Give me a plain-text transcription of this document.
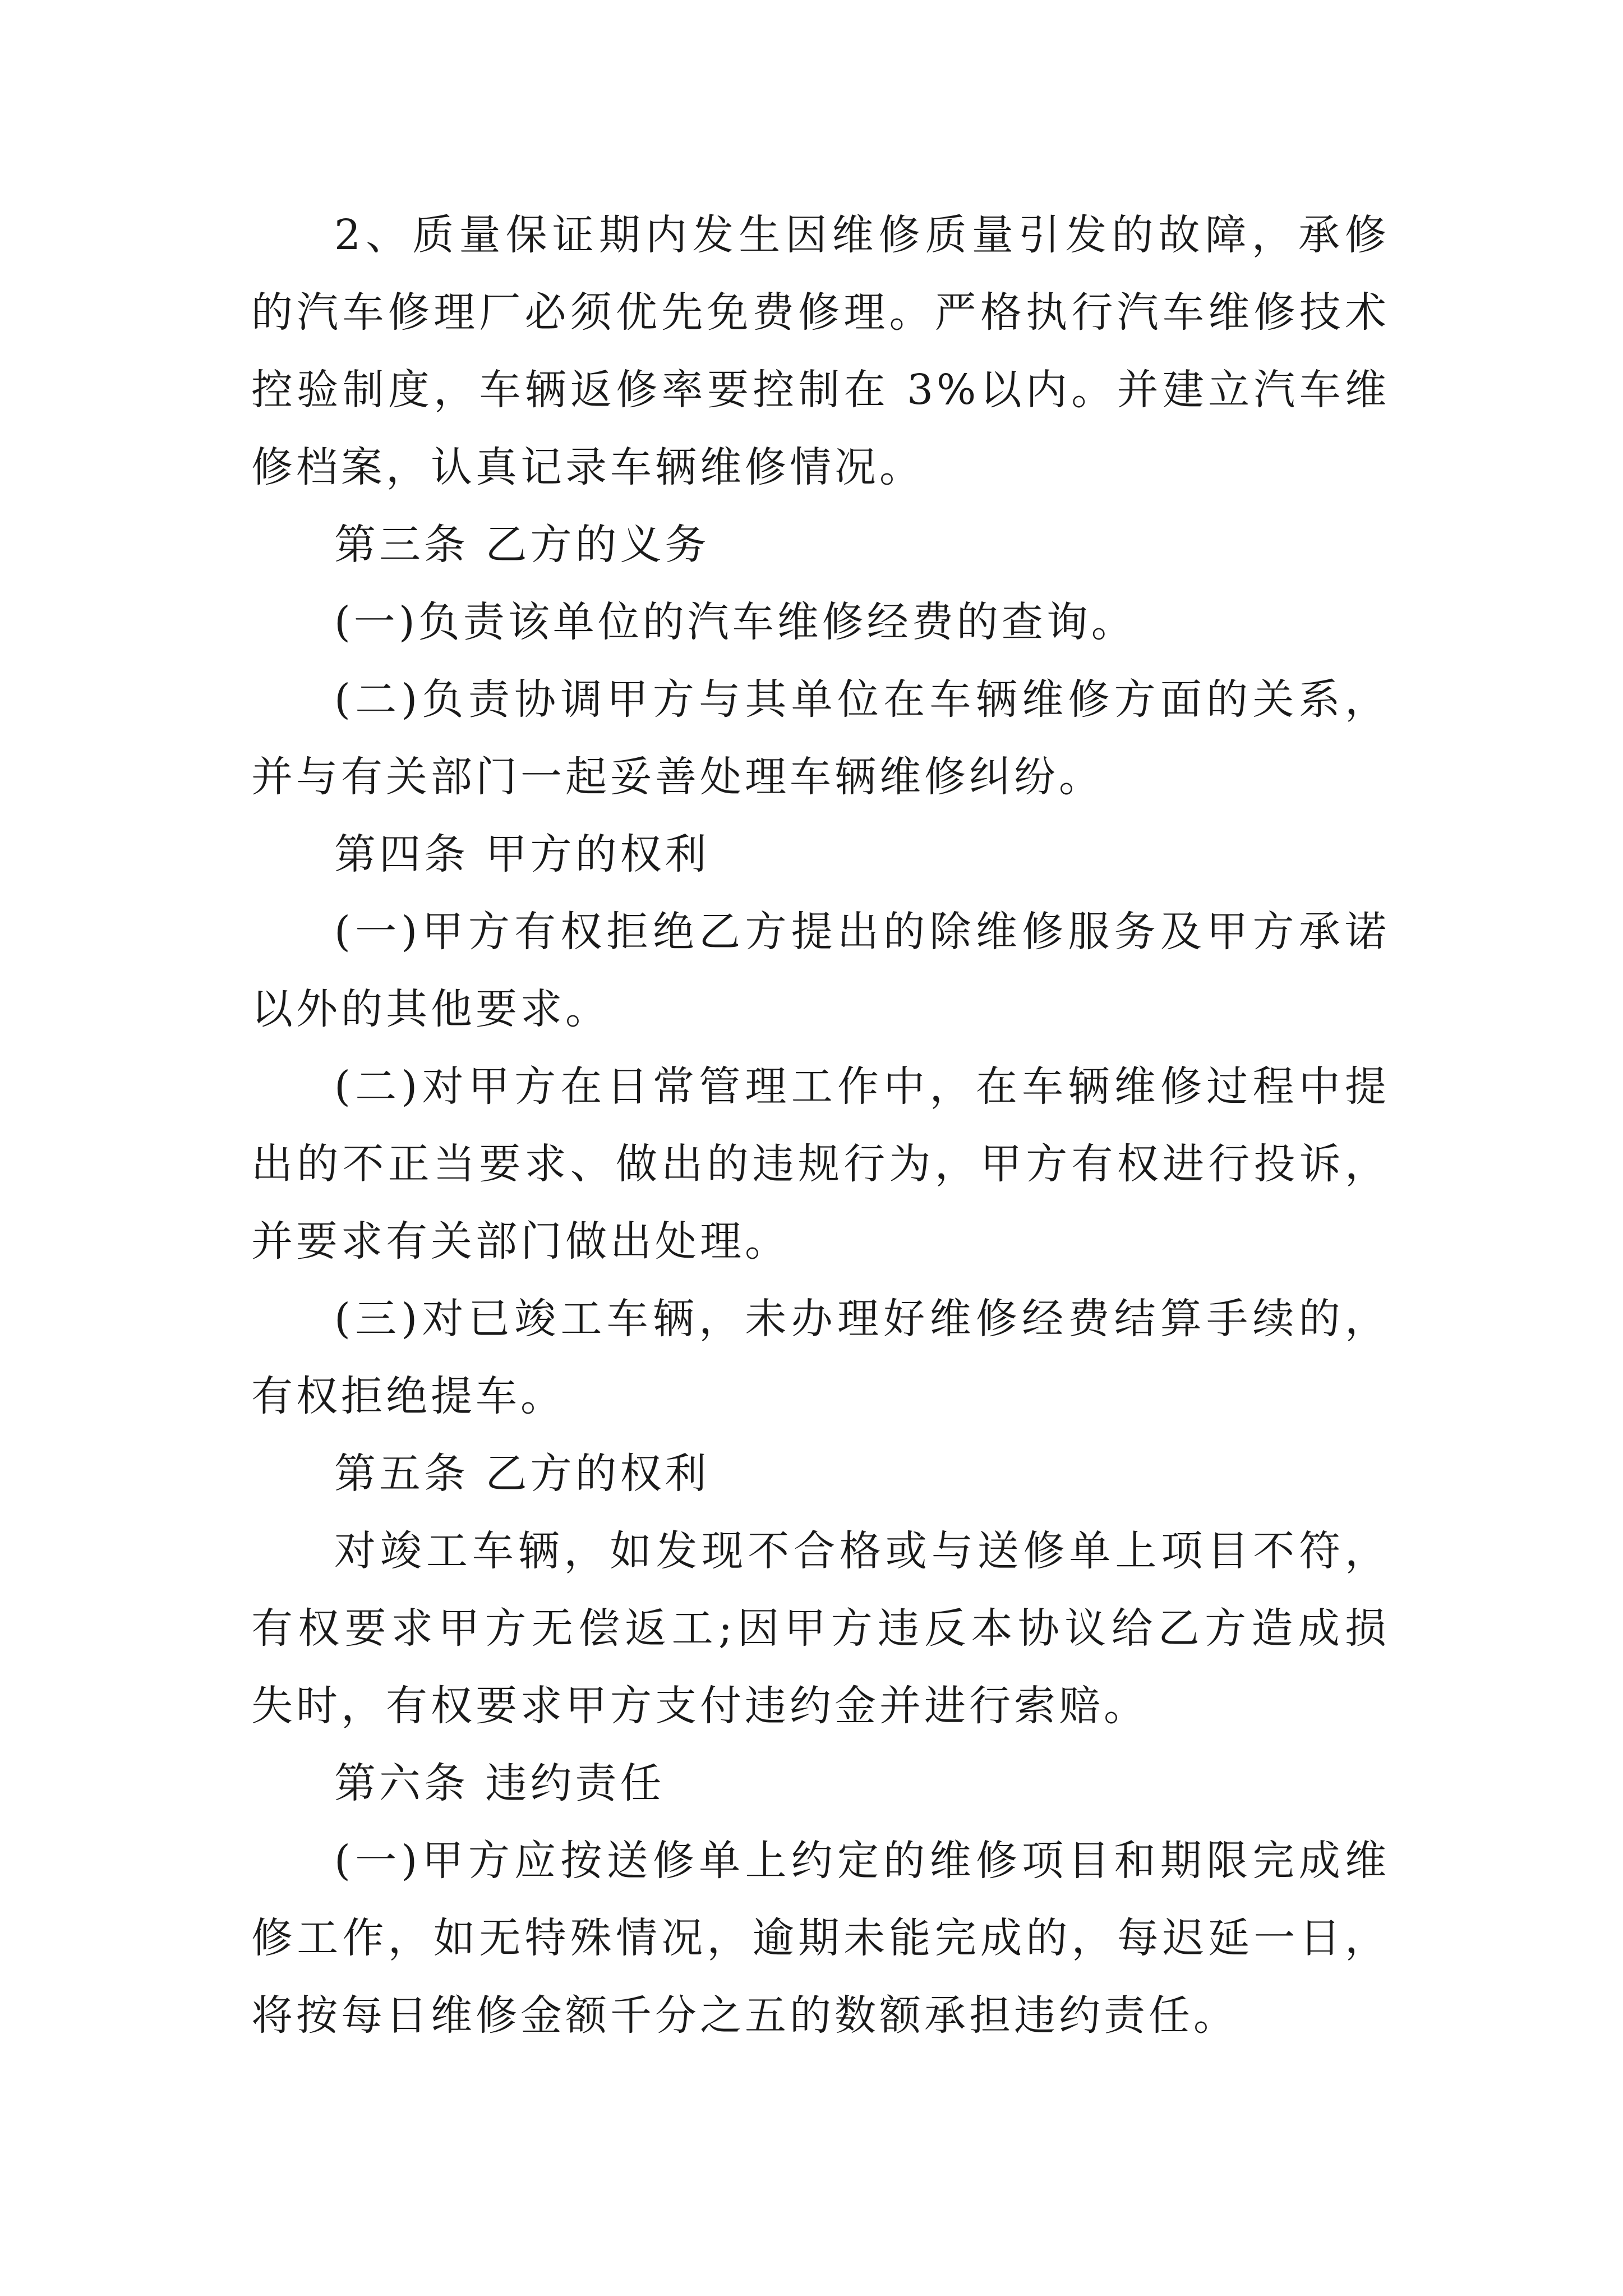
2、质量保证期内发生因维修质量引发的故障，承修的汽车修理厂必须优先免费修理。严格执行汽车维修技术控验制度，车辆返修率要控制在 3%以内。并建立汽车维修档案，认真记录车辆维修情况。

第三条 乙方的义务

(一)负责该单位的汽车维修经费的查询。

(二)负责协调甲方与其单位在车辆维修方面的关系，并与有关部门一起妥善处理车辆维修纠纷。

第四条 甲方的权利

(一)甲方有权拒绝乙方提出的除维修服务及甲方承诺以外的其他要求。

(二)对甲方在日常管理工作中，在车辆维修过程中提出的不正当要求、做出的违规行为，甲方有权进行投诉，并要求有关部门做出处理。

(三)对已竣工车辆，未办理好维修经费结算手续的，有权拒绝提车。

第五条 乙方的权利

对竣工车辆，如发现不合格或与送修单上项目不符，有权要求甲方无偿返工;因甲方违反本协议给乙方造成损失时，有权要求甲方支付违约金并进行索赔。

第六条 违约责任

(一)甲方应按送修单上约定的维修项目和期限完成维修工作，如无特殊情况，逾期未能完成的，每迟延一日，将按每日维修金额千分之五的数额承担违约责任。
